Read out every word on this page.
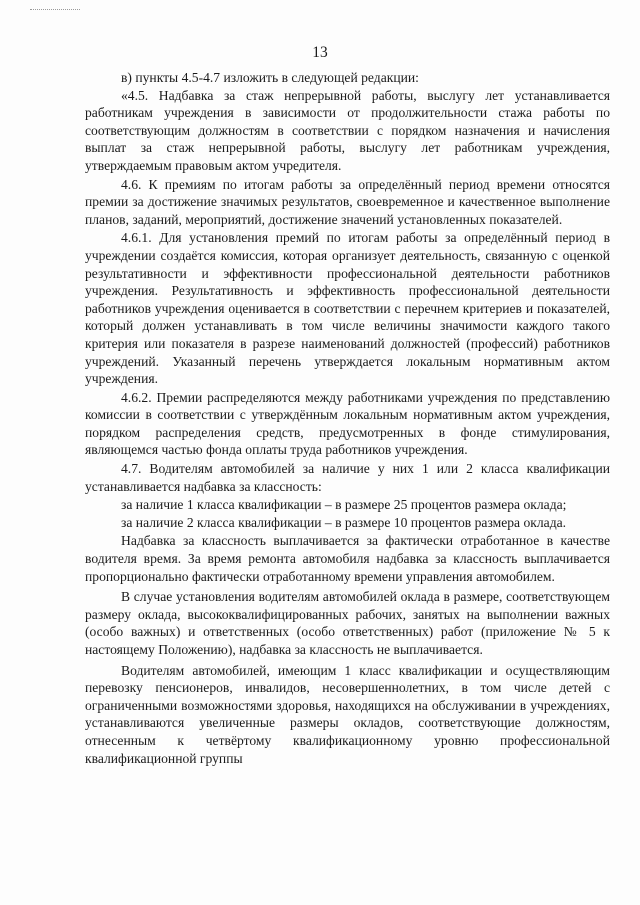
13

в) пункты 4.5-4.7 изложить в следующей редакции:

«4.5. Надбавка за стаж непрерывной работы, выслугу лет устанавливается работникам учреждения в зависимости от продолжительности стажа работы по соответствующим должностям в соответствии с порядком назначения и начисления выплат за стаж непрерывной работы, выслугу лет работникам учреждения, утверждаемым правовым актом учредителя.

4.6. К премиям по итогам работы за определённый период времени относятся премии за достижение значимых результатов, своевременное и качественное выполнение планов, заданий, мероприятий, достижение значений установленных показателей.

4.6.1. Для установления премий по итогам работы за определённый период в учреждении создаётся комиссия, которая организует деятельность, связанную с оценкой результативности и эффективности профессиональной деятельности работников учреждения. Результативность и эффективность профессиональной деятельности работников учреждения оценивается в соответствии с перечнем критериев и показателей, который должен устанавливать в том числе величины значимости каждого такого критерия или показателя в разрезе наименований должностей (профессий) работников учреждений. Указанный перечень утверждается локальным нормативным актом учреждения.

4.6.2. Премии распределяются между работниками учреждения по представлению комиссии в соответствии с утверждённым локальным нормативным актом учреждения, порядком распределения средств, предусмотренных в фонде стимулирования, являющемся частью фонда оплаты труда работников учреждения.

4.7. Водителям автомобилей за наличие у них 1 или 2 класса квалификации устанавливается надбавка за классность:

за наличие 1 класса квалификации – в размере 25 процентов размера оклада;

за наличие 2 класса квалификации – в размере 10 процентов размера оклада.

Надбавка за классность выплачивается за фактически отработанное в качестве водителя время. За время ремонта автомобиля надбавка за классность выплачивается пропорционально фактически отработанному времени управления автомобилем.

В случае установления водителям автомобилей оклада в размере, соответствующем размеру оклада, высококвалифицированных рабочих, занятых на выполнении важных (особо важных) и ответственных (особо ответственных) работ (приложение № 5 к настоящему Положению), надбавка за классность не выплачивается.

Водителям автомобилей, имеющим 1 класс квалификации и осуществляющим перевозку пенсионеров, инвалидов, несовершеннолетних, в том числе детей с ограниченными возможностями здоровья, находящихся на обслуживании в учреждениях, устанавливаются увеличенные размеры окладов, соответствующие должностям, отнесенным к четвёртому квалификационному уровню профессиональной квалификационной группы
